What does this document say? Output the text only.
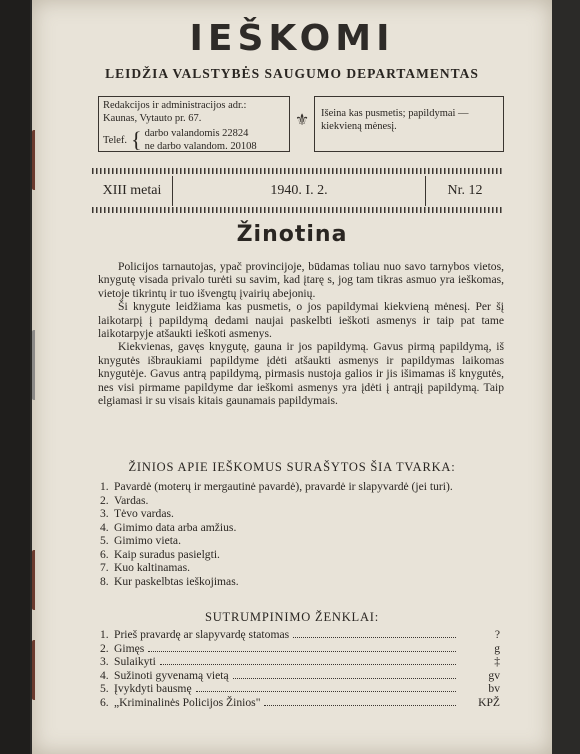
IEŠKOMI
LEIDŽIA VALSTYBĖS SAUGUMO DEPARTAMENTAS
Redakcijos ir administracijos adr.:
Kaunas, Vytauto pr. 67.
Telef. { darbo valandomis 22824
ne darbo valandom. 20108
⚜	Išeina kas pusmetis; papildymai — kiekvieną mėnesį.
XIII metai	1940. I. 2.	Nr. 12
Žinotina

Policijos tarnautojas, ypač provincijoje, būdamas toliau nuo savo tarnybos vietos, knygutę visada privalo turėti su savim, kad įtarę s, jog tam tikras asmuo yra ieškomas, vietoje tikrintų ir tuo išvengtų įvairių abejonių.

Ši knygute leidžiama kas pusmetis, o jos papildymai kiekvieną mėnesį. Per šį laikotarpį į papildymą dedami naujai paskelbti ieškoti asmenys ir taip pat tame laikotarpyje atšaukti ieškoti asmenys.

Kiekvienas, gavęs knygutę, gauna ir jos papildymą. Gavus pirmą papildymą, iš knygutės išbraukiami papildyme įdėti atšaukti asmenys ir papildymas laikomas knygutėje. Gavus antrą papildymą, pirmasis nustoja galios ir jis išimamas iš knygutės, nes visi pirmame papildyme dar ieškomi asmenys yra įdėti į antrąjį papildymą. Taip elgiamasi ir su visais kitais gaunamais papildymais.

ŽINIOS APIE IEŠKOMUS SURAŠYTOS ŠIA TVARKA:
1. Pavardė (moterų ir mergautinė pavardė), pravardė ir slapyvardė (jei turi).
2. Vardas.
3. Tėvo vardas.
4. Gimimo data arba amžius.
5. Gimimo vieta.
6. Kaip suradus pasielgti.
7. Kuo kaltinamas.
8. Kur paskelbtas ieškojimas.
SUTRUMPINIMO ŽENKLAI:
1. Prieš pravardę ar slapyvardę statomas	?
2. Gimęs	g
3. Sulaikyti	‡
4. Sužinoti gyvenamą vietą	gv
5. Įvykdyti bausmę	bv
6. „Kriminalinės Policijos Žinios"	KPŽ
